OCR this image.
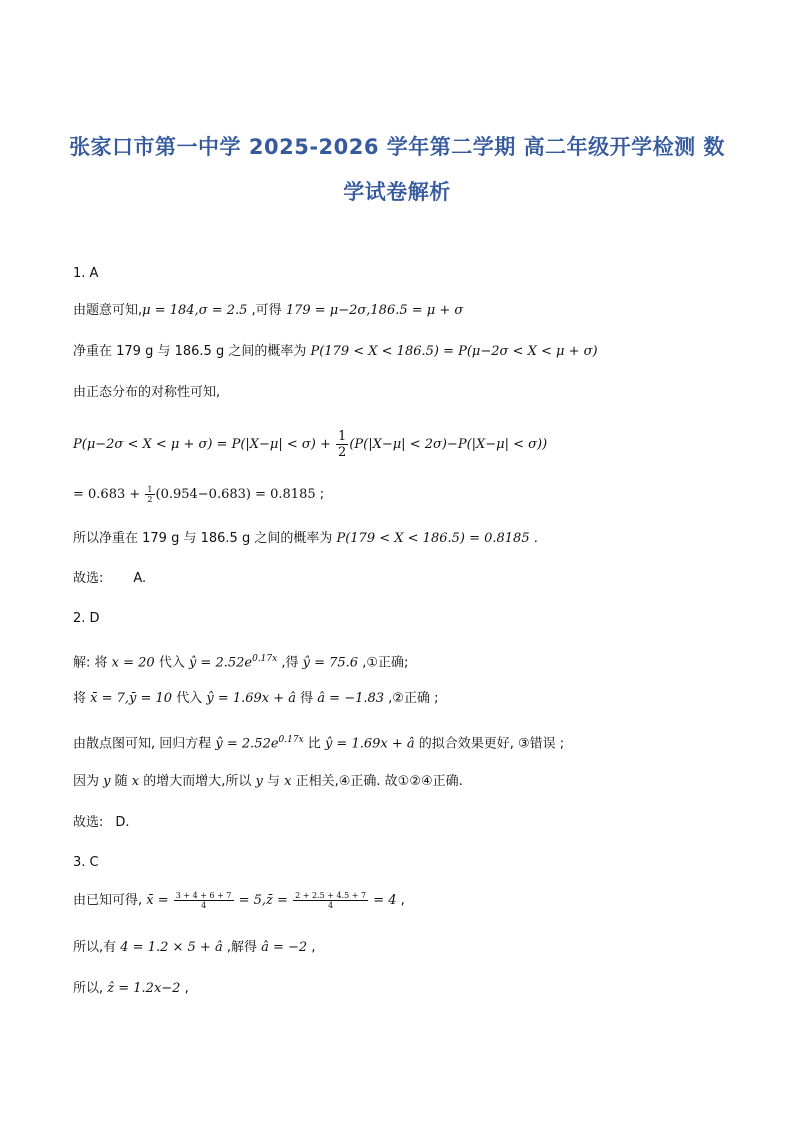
张家口市第一中学 2025-2026 学年第二学期 高二年级开学检测 数
学试卷解析
1. A
由题意可知,μ = 184,σ = 2.5 ,可得 179 = μ−2σ,186.5 = μ + σ
净重在 179 g 与 186.5 g 之间的概率为 P(179 < X < 186.5) = P(μ−2σ < X < μ + σ)
由正态分布的对称性可知,
$P(\mu-2\sigma < X < \mu + \sigma) = P(|X-\mu| < \sigma) + \frac{1}{2} (P(|X-\mu| < 2\sigma)-P(|X-\mu| < \sigma))$
= $0.683 + \frac{1}{2} (0.954-0.683) = 0.8185$ ;
所以净重在 179 g 与 186.5 g 之间的概率为 P(179 < X < 186.5) = 0.8185 .
故选: A.
2. D
解: 将 x = 20 代入 ŷ = $2.52e^{0.17x}$ ,得 ŷ = 75.6 ,①正确;
将 x̄ = 7,ȳ = 10 代入 ŷ = 1.69x + â 得 â = −1.83 ,②正确 ;
由散点图可知, 回归方程 ŷ = $2.52e^{0.17x}$ 比 ŷ = 1.69x + â 的拟合效果更好, ③错误 ;
因为 y 随 x 的增大而增大,所以 y 与 x 正相关,④正确. 故①②④正确.
故选: D.
3. C
由已知可得, x̄ = $\frac{3 + 4 + 6 + 7}{4}$ = 5,z̄ = $\frac{2 + 2.5 + 4.5 + 7}{4} = 4$ ,
所以,有 4 = 1.2 × 5 + â ,解得 â = −2 ,
所以, ẑ = 1.2x−2 ,
